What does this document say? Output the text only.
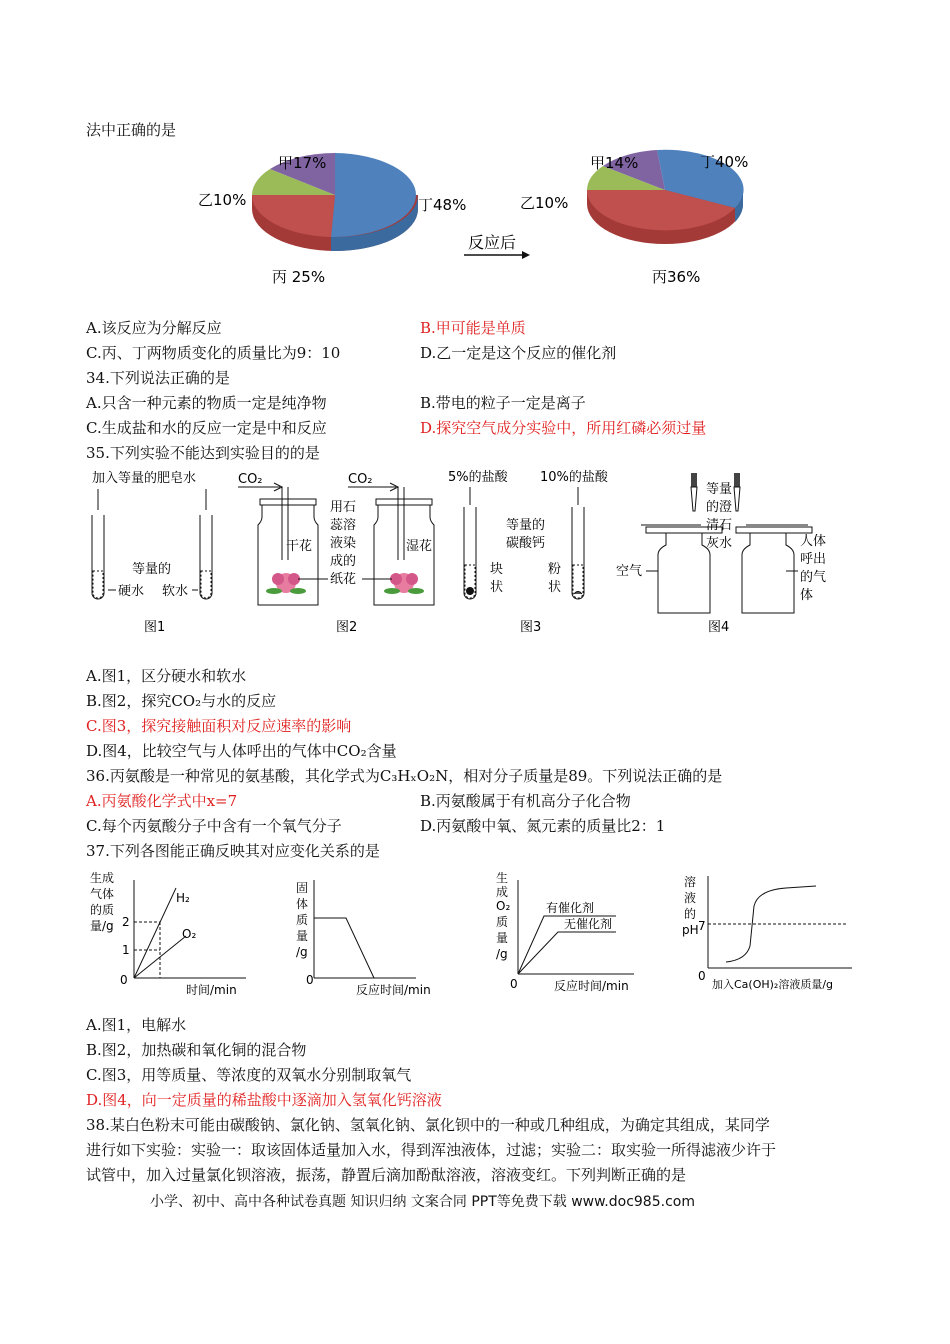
法中正确的是
甲17%
乙10%
丙 25%
丁48%
反应后
甲14%
乙10%
丙36%
丁40%
A.该反应为分解反应	B.甲可能是单质
C.丙、丁两物质变化的质量比为9：10	D.乙一定是这个反应的催化剂
34.下列说法正确的是
A.只含一种元素的物质一定是纯净物	B.带电的粒子一定是离子
C.生成盐和水的反应一定是中和反应	D.探究空气成分实验中，所用红磷必须过量
35.下列实验不能达到实验目的的是
加入等量的肥皂水
等量的
硬水 软水
图1
CO₂
干花
CO₂
湿花
用石
蕊溶
液染
成的
纸花
图2
5%的盐酸 10%的盐酸
等量的
碳酸钙
块
状
粉
状
图3
等量
的澄
清石
灰水
空气
人体
呼出
的气
体
图4
A.图1，区分硬水和软水
B.图2，探究CO₂与水的反应
C.图3，探究接触面积对反应速率的影响
D.图4，比较空气与人体呼出的气体中CO₂含量
36.丙氨酸是一种常见的氨基酸，其化学式为C₃HₓO₂N，相对分子质量是89。下列说法正确的是
A.丙氨酸化学式中x=7	B.丙氨酸属于有机高分子化合物
C.每个丙氨酸分子中含有一个氧气分子	D.丙氨酸中氧、氮元素的质量比2：1
37.下列各图能正确反映其对应变化关系的是
生成
气体
的质
量/g
H₂
O₂
2
1
0
时间/min
固
体
质
量
/g
0
反应时间/min
生
成
O₂
质
量
/g
有催化剂
无催化剂
0	反应时间/min
溶
液
的
pH 7
0
加入Ca(OH)₂溶液质量/g
A.图1，电解水
B.图2，加热碳和氧化铜的混合物
C.图3，用等质量、等浓度的双氧水分别制取氧气
D.图4，向一定质量的稀盐酸中逐滴加入氢氧化钙溶液
38.某白色粉末可能由碳酸钠、氯化钠、氢氧化钠、氯化钡中的一种或几种组成，为确定其组成，某同学
进行如下实验：实验一：取该固体适量加入水，得到浑浊液体，过滤；实验二：取实验一所得滤液少许于
试管中，加入过量氯化钡溶液，振荡，静置后滴加酚酞溶液，溶液变红。下列判断正确的是
小学、初中、高中各种试卷真题 知识归纳 文案合同 PPT等免费下载 www.doc985.com
